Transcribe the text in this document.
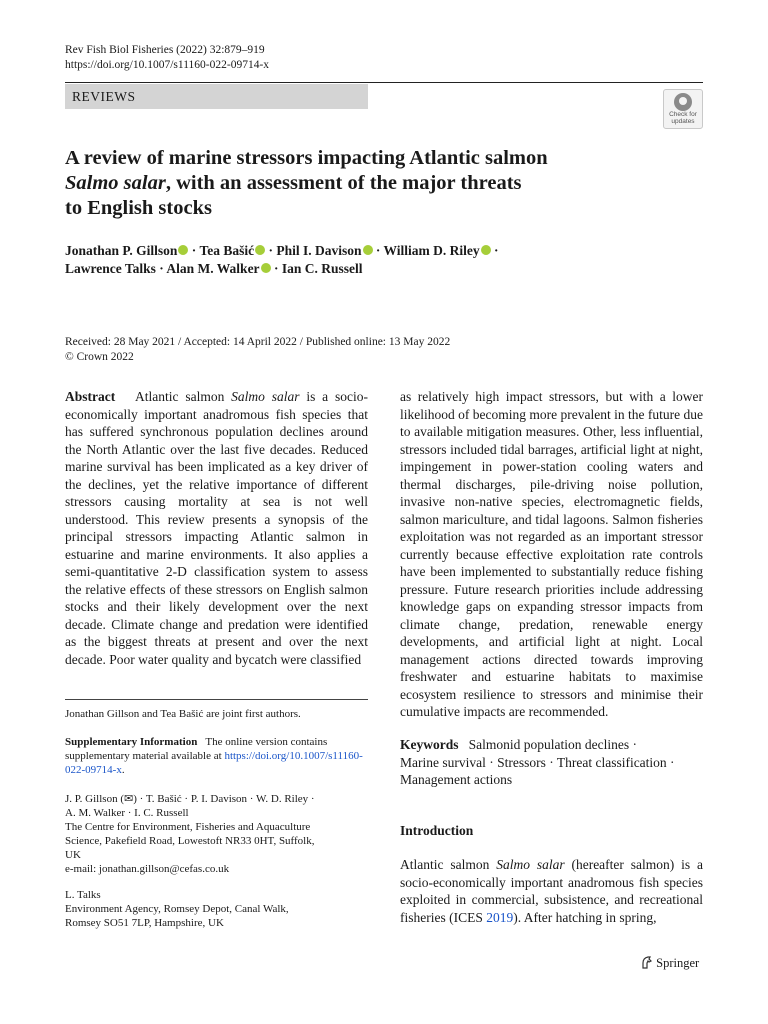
Rev Fish Biol Fisheries (2022) 32:879–919
https://doi.org/10.1007/s11160-022-09714-x
REVIEWS
Check for
updates
A review of marine stressors impacting Atlantic salmon
Salmo salar, with an assessment of the major threats
to English stocks
Jonathan P. Gillson · Tea Bašić · Phil I. Davison · William D. Riley ·
Lawrence Talks · Alan M. Walker · Ian C. Russell
Received: 28 May 2021 / Accepted: 14 April 2022 / Published online: 13 May 2022
© Crown 2022
Abstract Atlantic salmon Salmo salar is a socio-economically important anadromous fish species that has suffered synchronous population declines around the North Atlantic over the last five decades. Reduced marine survival has been implicated as a key driver of the declines, yet the relative importance of different stressors causing mortality at sea is not well understood. This review presents a synopsis of the principal stressors impacting Atlantic salmon in estuarine and marine environments. It also applies a semi-quantitative 2-D classification system to assess the relative effects of these stressors on English salmon stocks and their likely development over the next decade. Climate change and predation were identified as the biggest threats at present and over the next decade. Poor water quality and bycatch were classified
as relatively high impact stressors, but with a lower likelihood of becoming more prevalent in the future due to available mitigation measures. Other, less influential, stressors included tidal barrages, artificial light at night, impingement in power-station cooling waters and thermal discharges, pile-driving noise pollution, invasive non-native species, electromagnetic fields, salmon mariculture, and tidal lagoons. Salmon fisheries exploitation was not regarded as an important stressor currently because effective exploitation rate controls have been implemented to substantially reduce fishing pressure. Future research priorities include addressing knowledge gaps on expanding stressor impacts from climate change, predation, renewable energy developments, and artificial light at night. Local management actions directed towards improving freshwater and estuarine habitats to maximise ecosystem resilience to stressors and minimise their cumulative impacts are recommended.
Jonathan Gillson and Tea Bašić are joint first authors.
Supplementary Information The online version contains supplementary material available at https://doi.org/10.1007/s11160-022-09714-x.
J. P. Gillson (✉) · T. Bašić · P. I. Davison · W. D. Riley ·
A. M. Walker · I. C. Russell
The Centre for Environment, Fisheries and Aquaculture
Science, Pakefield Road, Lowestoft NR33 0HT, Suffolk,
UK
e-mail: jonathan.gillson@cefas.co.uk
L. Talks
Environment Agency, Romsey Depot, Canal Walk,
Romsey SO51 7LP, Hampshire, UK
Keywords Salmonid population declines ·
Marine survival · Stressors · Threat classification ·
Management actions
Introduction
Atlantic salmon Salmo salar (hereafter salmon) is a socio-economically important anadromous fish species exploited in commercial, subsistence, and recreational fisheries (ICES 2019). After hatching in spring,
Springer
